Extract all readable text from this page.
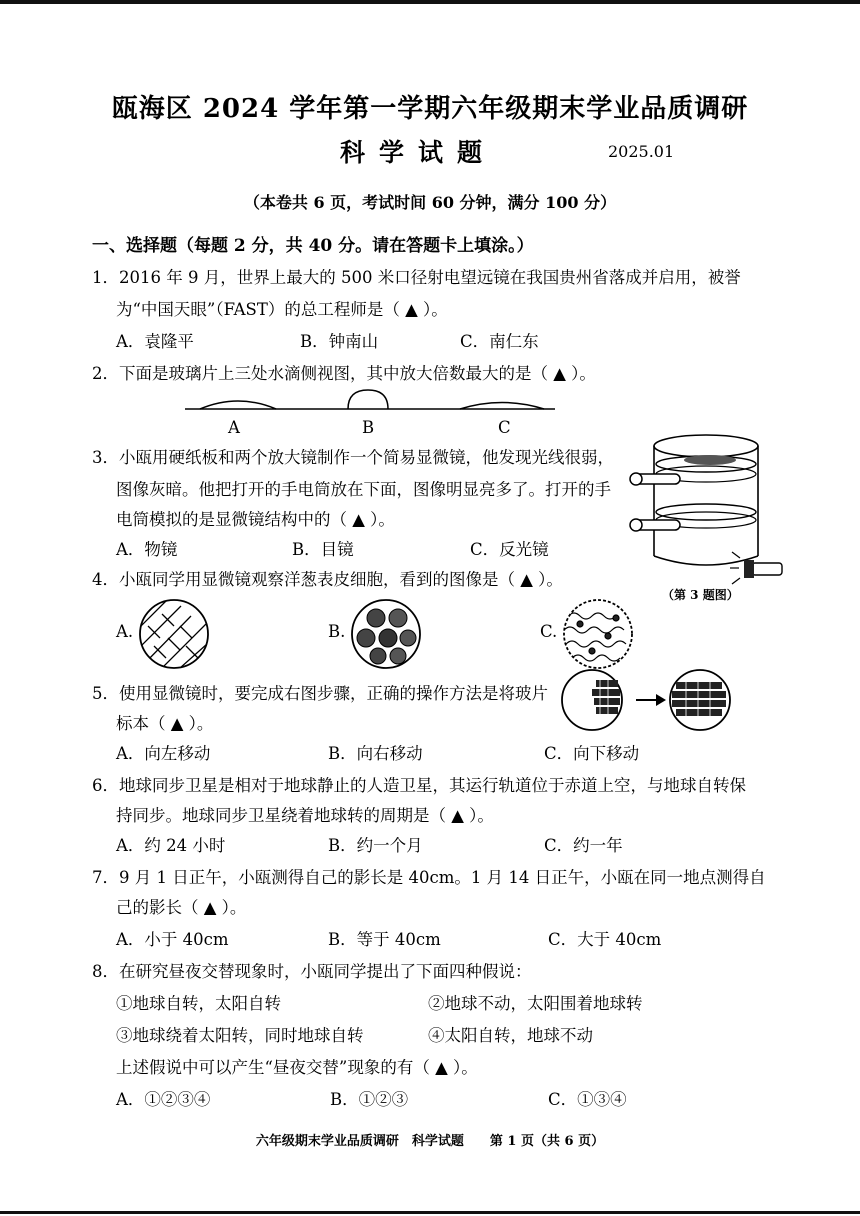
瓯海区 2024 学年第一学期六年级期末学业品质调研
科学试题	2025.01
（本卷共 6 页，考试时间 60 分钟，满分 100 分）
一、选择题（每题 2 分，共 40 分。请在答题卡上填涂。）
1．2016 年 9 月，世界上最大的 500 米口径射电望远镜在我国贵州省落成并启用，被誉
为“中国天眼”（FAST）的总工程师是（ ▲ ）。
A．袁隆平	B．钟南山	C．南仁东
2．下面是玻璃片上三处水滴侧视图，其中放大倍数最大的是（ ▲ ）。
A	B	C
3．小瓯用硬纸板和两个放大镜制作一个简易显微镜，他发现光线很弱，
图像灰暗。他把打开的手电筒放在下面，图像明显亮多了。打开的手
电筒模拟的是显微镜结构中的（ ▲ ）。
A．物镜	B．目镜	C．反光镜
（第 3 题图）
4．小瓯同学用显微镜观察洋葱表皮细胞，看到的图像是（ ▲ ）。
A.	B.	C.
5．使用显微镜时，要完成右图步骤，正确的操作方法是将玻片
标本（ ▲ ）。
A．向左移动	B．向右移动	C．向下移动
6．地球同步卫星是相对于地球静止的人造卫星，其运行轨道位于赤道上空，与地球自转保
持同步。地球同步卫星绕着地球转的周期是（ ▲ ）。
A．约 24 小时	B．约一个月	C．约一年
7．9 月 1 日正午，小瓯测得自己的影长是 40cm。1 月 14 日正午，小瓯在同一地点测得自
己的影长（ ▲ ）。
A．小于 40cm	B．等于 40cm	C．大于 40cm
8．在研究昼夜交替现象时，小瓯同学提出了下面四种假说：
①地球自转，太阳自转	②地球不动，太阳围着地球转
③地球绕着太阳转，同时地球自转	④太阳自转，地球不动
上述假说中可以产生“昼夜交替”现象的有（ ▲ ）。
A．①②③④	B．①②③	C．①③④
六年级期末学业品质调研　科学试题　　第 1 页（共 6 页）
